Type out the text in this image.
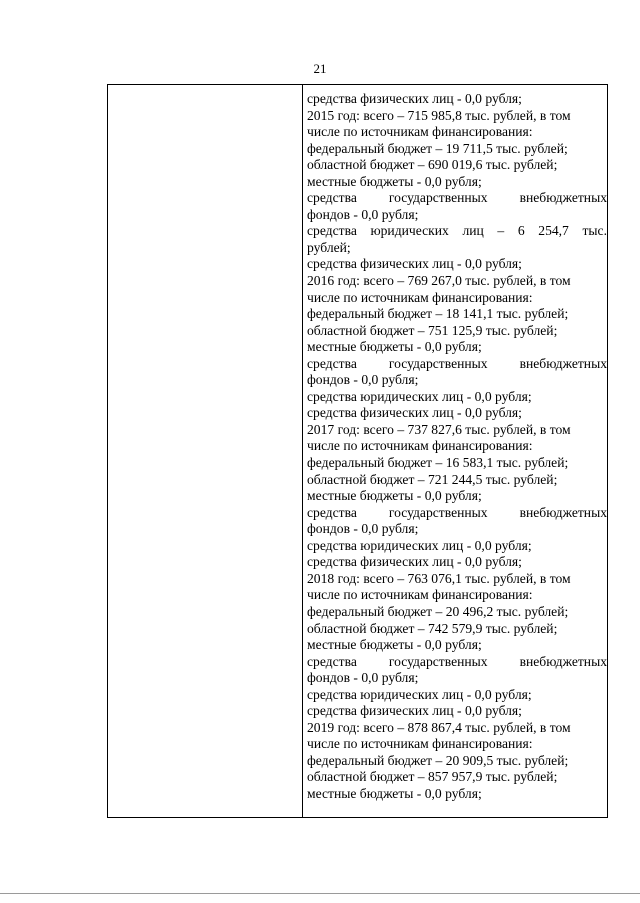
21
средства физических лиц - 0,0 рубля;
2015 год: всего – 715 985,8 тыс. рублей, в том
числе по источникам финансирования:
федеральный бюджет – 19 711,5 тыс. рублей;
областной бюджет – 690 019,6 тыс. рублей;
местные бюджеты - 0,0 рубля;
средства государственных внебюджетных
фондов - 0,0 рубля;
средства юридических лиц – 6 254,7 тыс.
рублей;
средства физических лиц - 0,0 рубля;
2016 год: всего – 769 267,0 тыс. рублей, в том
числе по источникам финансирования:
федеральный бюджет – 18 141,1 тыс. рублей;
областной бюджет – 751 125,9 тыс. рублей;
местные бюджеты - 0,0 рубля;
средства государственных внебюджетных
фондов - 0,0 рубля;
средства юридических лиц - 0,0 рубля;
средства физических лиц - 0,0 рубля;
2017 год: всего – 737 827,6 тыс. рублей, в том
числе по источникам финансирования:
федеральный бюджет – 16 583,1 тыс. рублей;
областной бюджет – 721 244,5 тыс. рублей;
местные бюджеты - 0,0 рубля;
средства государственных внебюджетных
фондов - 0,0 рубля;
средства юридических лиц - 0,0 рубля;
средства физических лиц - 0,0 рубля;
2018 год: всего – 763 076,1 тыс. рублей, в том
числе по источникам финансирования:
федеральный бюджет – 20 496,2 тыс. рублей;
областной бюджет – 742 579,9 тыс. рублей;
местные бюджеты - 0,0 рубля;
средства государственных внебюджетных
фондов - 0,0 рубля;
средства юридических лиц - 0,0 рубля;
средства физических лиц - 0,0 рубля;
2019 год: всего – 878 867,4 тыс. рублей, в том
числе по источникам финансирования:
федеральный бюджет – 20 909,5 тыс. рублей;
областной бюджет – 857 957,9 тыс. рублей;
местные бюджеты - 0,0 рубля;
